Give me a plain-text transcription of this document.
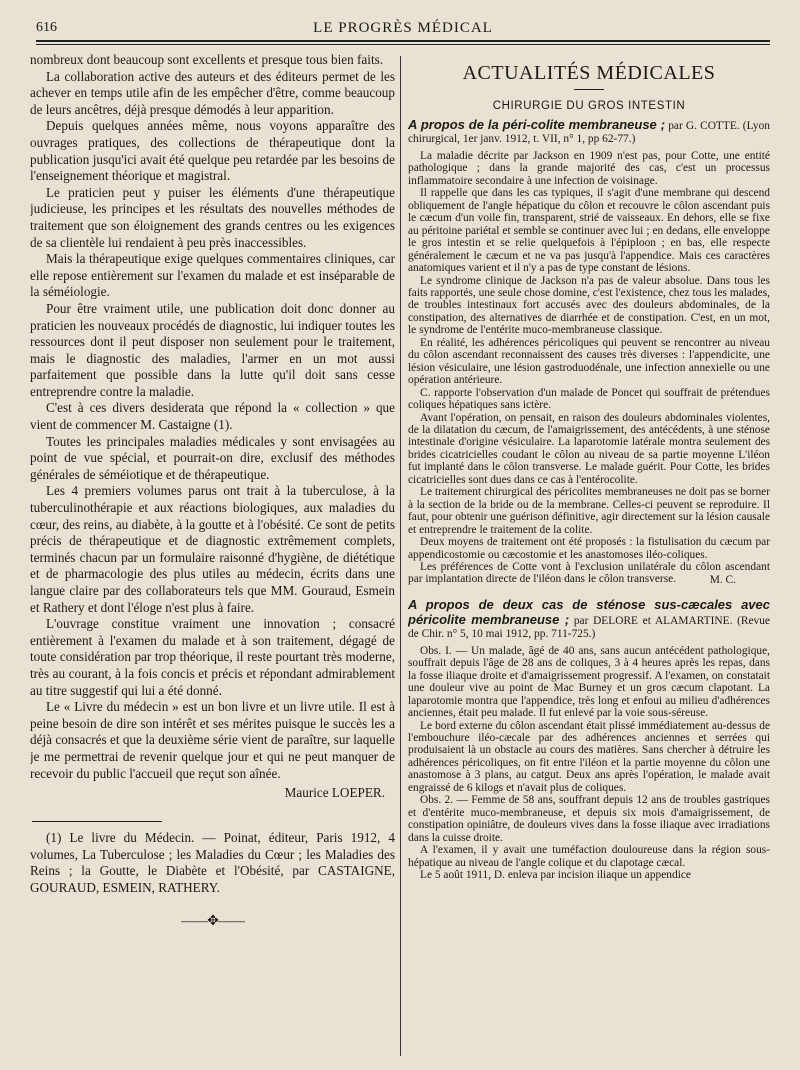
616	LE PROGRÈS MÉDICAL

nombreux dont beaucoup sont excellents et presque tous bien faits.

La collaboration active des auteurs et des éditeurs permet de les achever en temps utile afin de les empêcher d'être, comme beaucoup de leurs ancêtres, déjà presque démodés à leur apparition.

Depuis quelques années même, nous voyons apparaître des ouvrages pratiques, des collections de thérapeutique dont la publication jusqu'ici avait été quelque peu retardée par les besoins de l'enseignement théorique et magistral.

Le praticien peut y puiser les éléments d'une thérapeutique judicieuse, les principes et les résultats des nouvelles méthodes de traitement que son éloignement des grands centres ou les exigences de sa clientèle lui rendaient à peu près inaccessibles.

Mais la thérapeutique exige quelques commentaires cliniques, car elle repose entièrement sur l'examen du malade et est inséparable de la séméiologie.

Pour être vraiment utile, une publication doit donc donner au praticien les nouveaux procédés de diagnostic, lui indiquer toutes les ressources dont il peut disposer non seulement pour le traitement, mais le diagnostic des maladies, l'armer en un mot aussi parfaitement que possible dans la lutte qu'il doit sans cesse entreprendre contre la maladie.

C'est à ces divers desiderata que répond la « collection » que vient de commencer M. Castaigne (1).

Toutes les principales maladies médicales y sont envisagées au point de vue spécial, et pourrait-on dire, exclusif des méthodes générales de séméiotique et de thérapeutique.

Les 4 premiers volumes parus ont trait à la tuberculose, à la tuberculinothérapie et aux réactions biologiques, aux maladies du cœur, des reins, au diabète, à la goutte et à l'obésité. Ce sont de petits précis de thérapeutique et de diagnostic extrêmement complets, terminés chacun par un formulaire raisonné d'hygiène, de diététique et de pharmacologie des plus utiles au médecin, écrits dans une langue claire par des collaborateurs tels que MM. Gouraud, Esmein et Rathery et dont l'éloge n'est plus à faire.

L'ouvrage constitue vraiment une innovation ; consacré entièrement à l'examen du malade et à son traitement, dégagé de toute considération par trop théorique, il reste pourtant très moderne, très au courant, à la fois concis et précis et répondant admirablement au titre suggestif qui lui a été donné.

Le « Livre du médecin » est un bon livre et un livre utile. Il est à peine besoin de dire son intérêt et ses mérites puisque le succès les a déjà consacrés et que la deuxième série vient de paraître, sur laquelle je me permettrai de revenir quelque jour et qui ne peut manquer de recevoir du public l'accueil que reçut son aînée.

Maurice LOEPER.

(1) Le livre du Médecin. — Poinat, éditeur, Paris 1912, 4 volumes, La Tuberculose ; les Maladies du Cœur ; les Maladies des Reins ; la Goutte, le Diabète et l'Obésité, par CASTAIGNE, GOURAUD, ESMEIN, RATHERY.

——✥——
ACTUALITÉS MÉDICALES
CHIRURGIE DU GROS INTESTIN
A propos de la péri-colite membraneuse ; par G. COTTE. (Lyon chirurgical, 1er janv. 1912, t. VII, n° 1, pp 62-77.)

La maladie décrite par Jackson en 1909 n'est pas, pour Cotte, une entité pathologique ; dans la grande majorité des cas, c'est un processus inflammatoire secondaire à une infection de voisinage.

Il rappelle que dans les cas typiques, il s'agit d'une membrane qui descend obliquement de l'angle hépatique du côlon et recouvre le côlon ascendant puis le cæcum d'un voile fin, transparent, strié de vaisseaux. En dehors, elle se fixe au péritoine pariétal et semble se continuer avec lui ; en dedans, elle enveloppe le gros intestin et se relie quelquefois à l'épiploon ; en bas, elle respecte généralement le cæcum et ne va pas jusqu'à l'appendice. Mais ces caractères anatomiques varient et il n'y a pas de type constant de lésions.

Le syndrome clinique de Jackson n'a pas de valeur absolue. Dans tous les faits rapportés, une seule chose domine, c'est l'existence, chez tous les malades, de troubles intestinaux fort accusés avec des douleurs abdominales, de la constipation, des alternatives de diarrhée et de constipation. C'est, en un mot, le syndrome de l'entérite muco-membraneuse classique.

En réalité, les adhérences péricoliques qui peuvent se rencontrer au niveau du côlon ascendant reconnaissent des causes très diverses : l'appendicite, une lésion vésiculaire, une lésion gastroduodénale, une infection annexielle ou une opération antérieure.

C. rapporte l'observation d'un malade de Poncet qui souffrait de prétendues coliques hépatiques sans ictère.

Avant l'opération, on pensait, en raison des douleurs abdominales violentes, de la dilatation du cæcum, de l'amaigrissement, des antécédents, à une sténose intestinale d'origine vésiculaire. La laparotomie latérale montra seulement des brides cicatricielles coudant le côlon au niveau de sa partie moyenne L'iléon fut implanté dans le côlon transverse. Le malade guérit. Pour Cotte, les brides cicatricielles sont dues dans ce cas à l'entérocolite.

Le traitement chirurgical des péricolites membraneuses ne doit pas se borner à la section de la bride ou de la membrane. Celles-ci peuvent se reproduire. Il faut, pour obtenir une guérison définitive, agir directement sur la lésion causale et entreprendre le traitement de la colite.

Deux moyens de traitement ont été proposés : la fistulisation du cæcum par appendicostomie ou cæcostomie et les anastomoses iléo-coliques.

Les préférences de Cotte vont à l'exclusion unilatérale du côlon ascendant par implantation directe de l'iléon dans le côlon transverse.	M. C.
A propos de deux cas de sténose sus-cæcales avec péricolite membraneuse ; par DELORE et ALAMARTINE. (Revue de Chir. n° 5, 10 mai 1912, pp. 711-725.)

Obs. I. — Un malade, âgé de 40 ans, sans aucun antécédent pathologique, souffrait depuis l'âge de 28 ans de coliques, 3 à 4 heures après les repas, dans la fosse iliaque droite et d'amaigrissement progressif. A l'examen, on constatait une douleur vive au point de Mac Burney et un gros cæcum clapotant. La laparotomie montra que l'appendice, très long et enfoui au milieu d'adhérences anciennes, était peu malade. Il fut enlevé par la voie sous-séreuse.

Le bord externe du côlon ascendant était plissé immédiatement au-dessus de l'embouchure iléo-cæcale par des adhérences anciennes et serrées qui produisaient là un obstacle au cours des matières. Sans chercher à détruire les adhérences péricoliques, on fit entre l'iléon et la partie moyenne du côlon une anastomose à 3 plans, au catgut. Deux ans après l'opération, le malade avait engraissé de 6 kilogs et n'avait plus de coliques.

Obs. 2. — Femme de 58 ans, souffrant depuis 12 ans de troubles gastriques et d'entérite muco-membraneuse, et depuis six mois d'amaigrissement, de constipation opiniâtre, de douleurs vives dans la fosse iliaque avec irradiations dans la cuisse droite.

A l'examen, il y avait une tuméfaction douloureuse dans la région sous-hépatique au niveau de l'angle colique et du clapotage cæcal.

Le 5 août 1911, D. enleva par incision iliaque un appendice
